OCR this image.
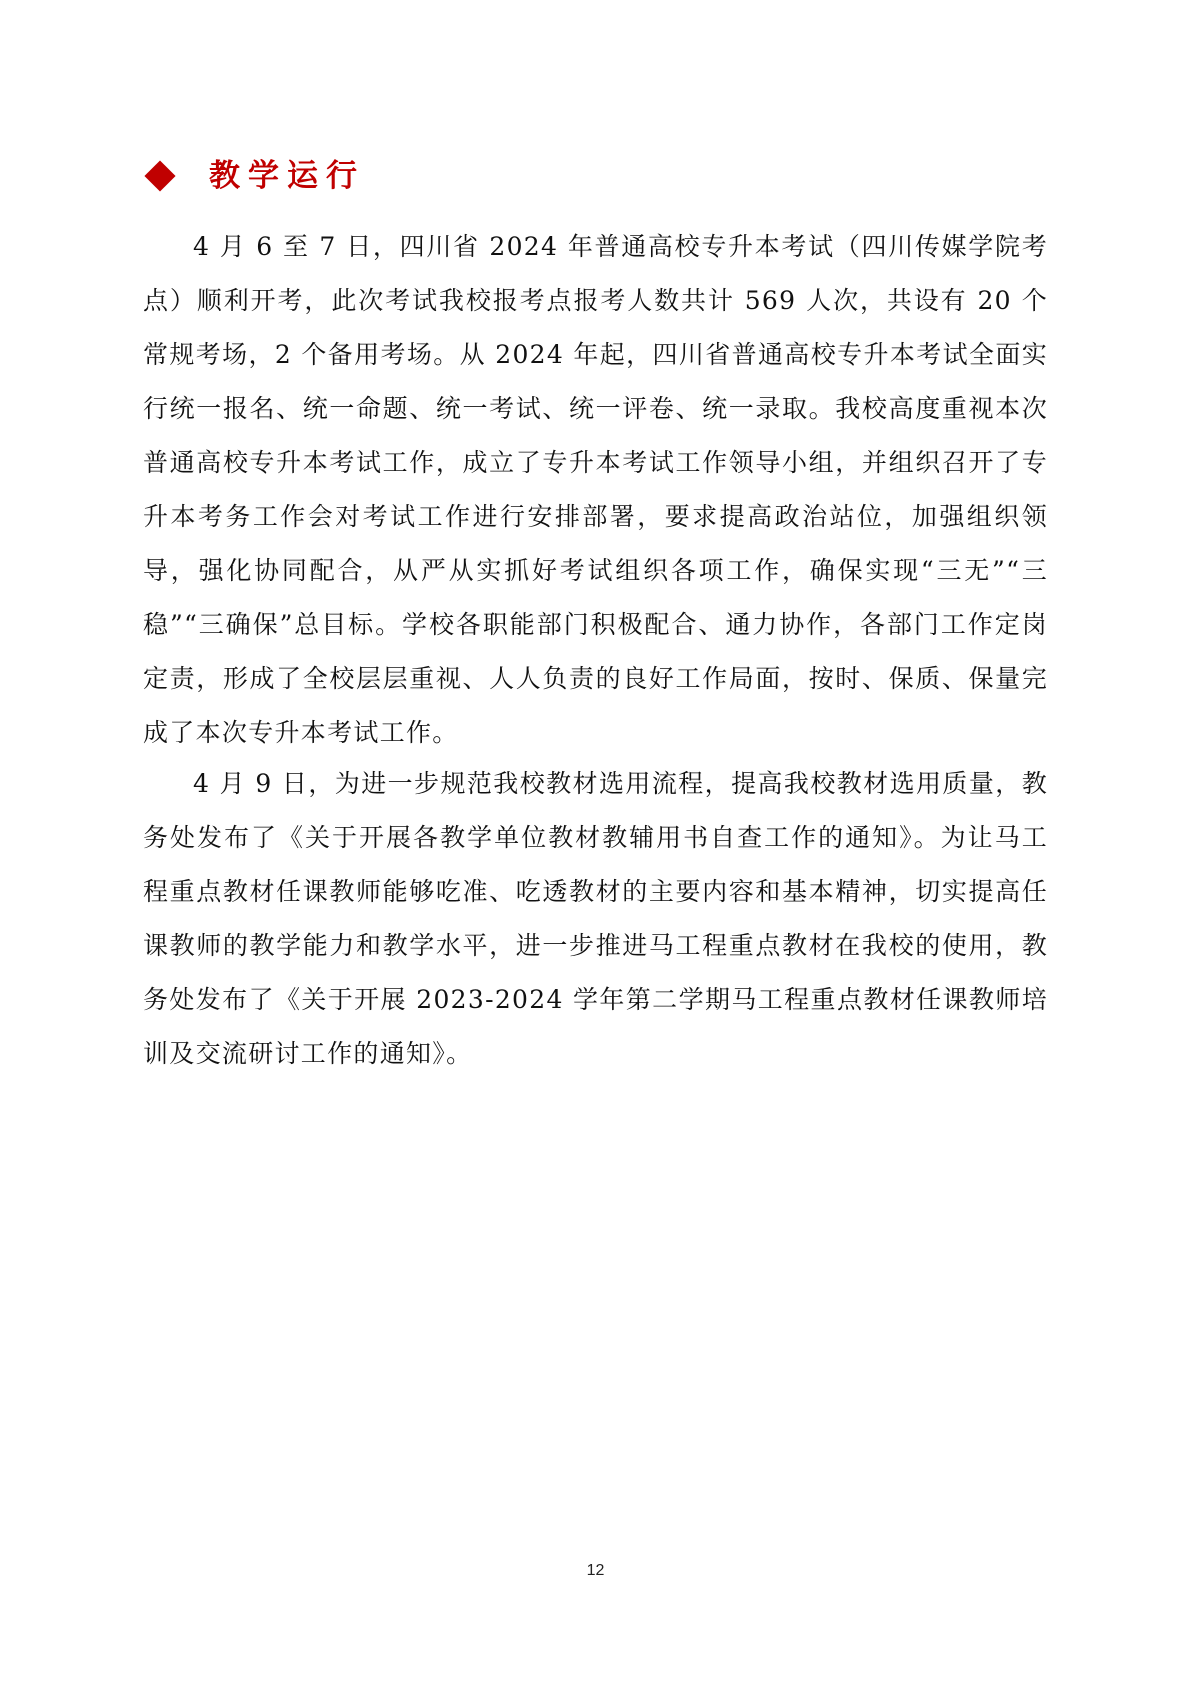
教学运行

4 月 6 至 7 日，四川省 2024 年普通高校专升本考试（四川传媒学院考点）顺利开考，此次考试我校报考点报考人数共计 569 人次，共设有 20 个常规考场，2 个备用考场。从 2024 年起，四川省普通高校专升本考试全面实行统一报名、统一命题、统一考试、统一评卷、统一录取。我校高度重视本次普通高校专升本考试工作，成立了专升本考试工作领导小组，并组织召开了专升本考务工作会对考试工作进行安排部署，要求提高政治站位，加强组织领导，强化协同配合，从严从实抓好考试组织各项工作，确保实现“三无”“三稳”“三确保”总目标。学校各职能部门积极配合、通力协作，各部门工作定岗定责，形成了全校层层重视、人人负责的良好工作局面，按时、保质、保量完成了本次专升本考试工作。

4 月 9 日，为进一步规范我校教材选用流程，提高我校教材选用质量，教务处发布了《关于开展各教学单位教材教辅用书自查工作的通知》。为让马工程重点教材任课教师能够吃准、吃透教材的主要内容和基本精神，切实提高任课教师的教学能力和教学水平，进一步推进马工程重点教材在我校的使用，教务处发布了《关于开展 2023-2024 学年第二学期马工程重点教材任课教师培训及交流研讨工作的通知》。

12
